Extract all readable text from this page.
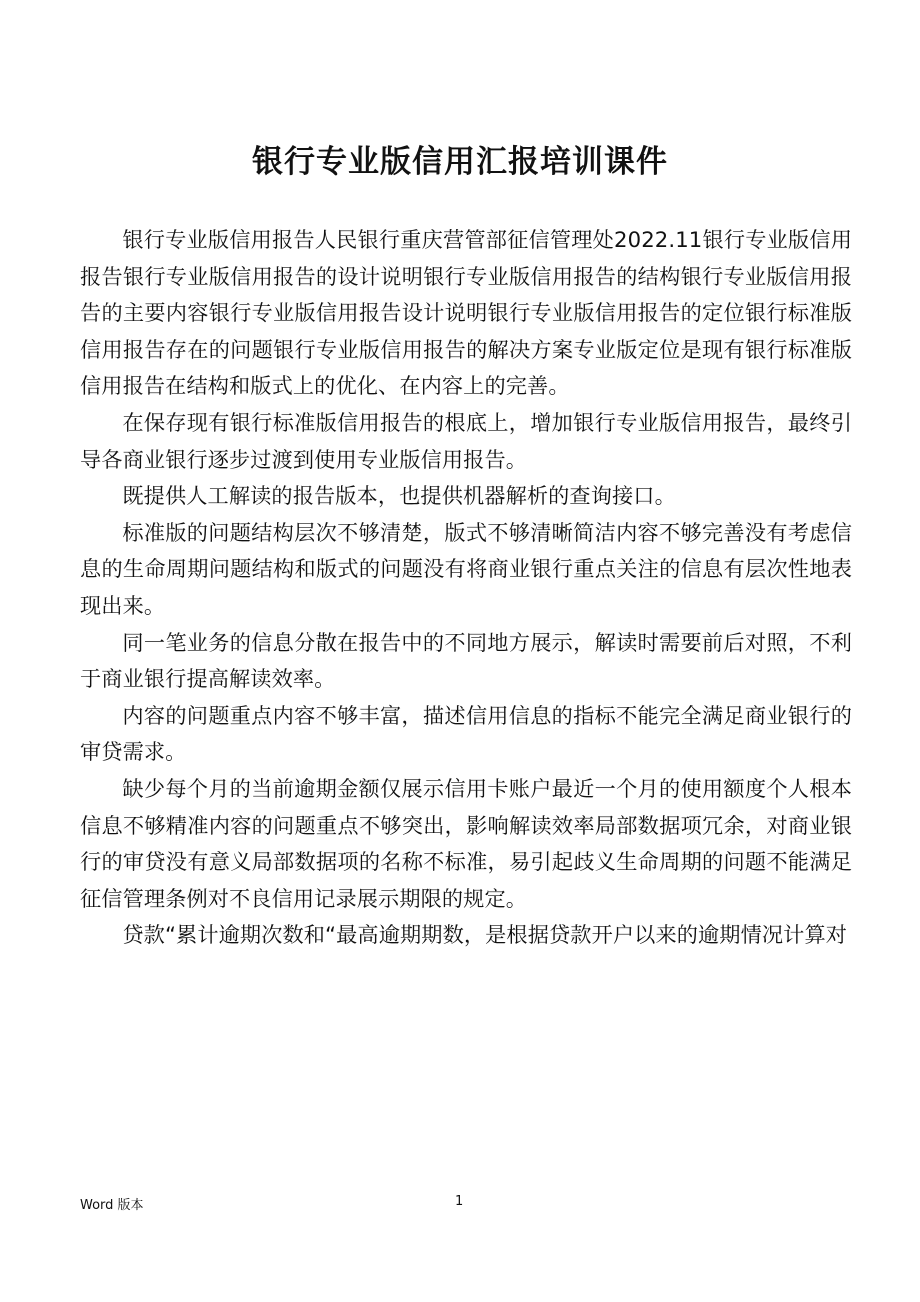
银行专业版信用汇报培训课件

银行专业版信用报告人民银行重庆营管部征信管理处2022.11银行专业版信用报告银行专业版信用报告的设计说明银行专业版信用报告的结构银行专业版信用报告的主要内容银行专业版信用报告设计说明银行专业版信用报告的定位银行标准版信用报告存在的问题银行专业版信用报告的解决方案专业版定位是现有银行标准版信用报告在结构和版式上的优化、在内容上的完善。

在保存现有银行标准版信用报告的根底上，增加银行专业版信用报告，最终引导各商业银行逐步过渡到使用专业版信用报告。

既提供人工解读的报告版本，也提供机器解析的查询接口。

标准版的问题结构层次不够清楚，版式不够清晰简洁内容不够完善没有考虑信息的生命周期问题结构和版式的问题没有将商业银行重点关注的信息有层次性地表现出来。

同一笔业务的信息分散在报告中的不同地方展示，解读时需要前后对照，不利于商业银行提高解读效率。

内容的问题重点内容不够丰富，描述信用信息的指标不能完全满足商业银行的审贷需求。

缺少每个月的当前逾期金额仅展示信用卡账户最近一个月的使用额度个人根本信息不够精准内容的问题重点不够突出，影响解读效率局部数据项冗余，对商业银行的审贷没有意义局部数据项的名称不标准，易引起歧义生命周期的问题不能满足征信管理条例对不良信用记录展示期限的规定。

贷款“累计逾期次数和“最高逾期期数，是根据贷款开户以来的逾期情况计算对

Word 版本	1
